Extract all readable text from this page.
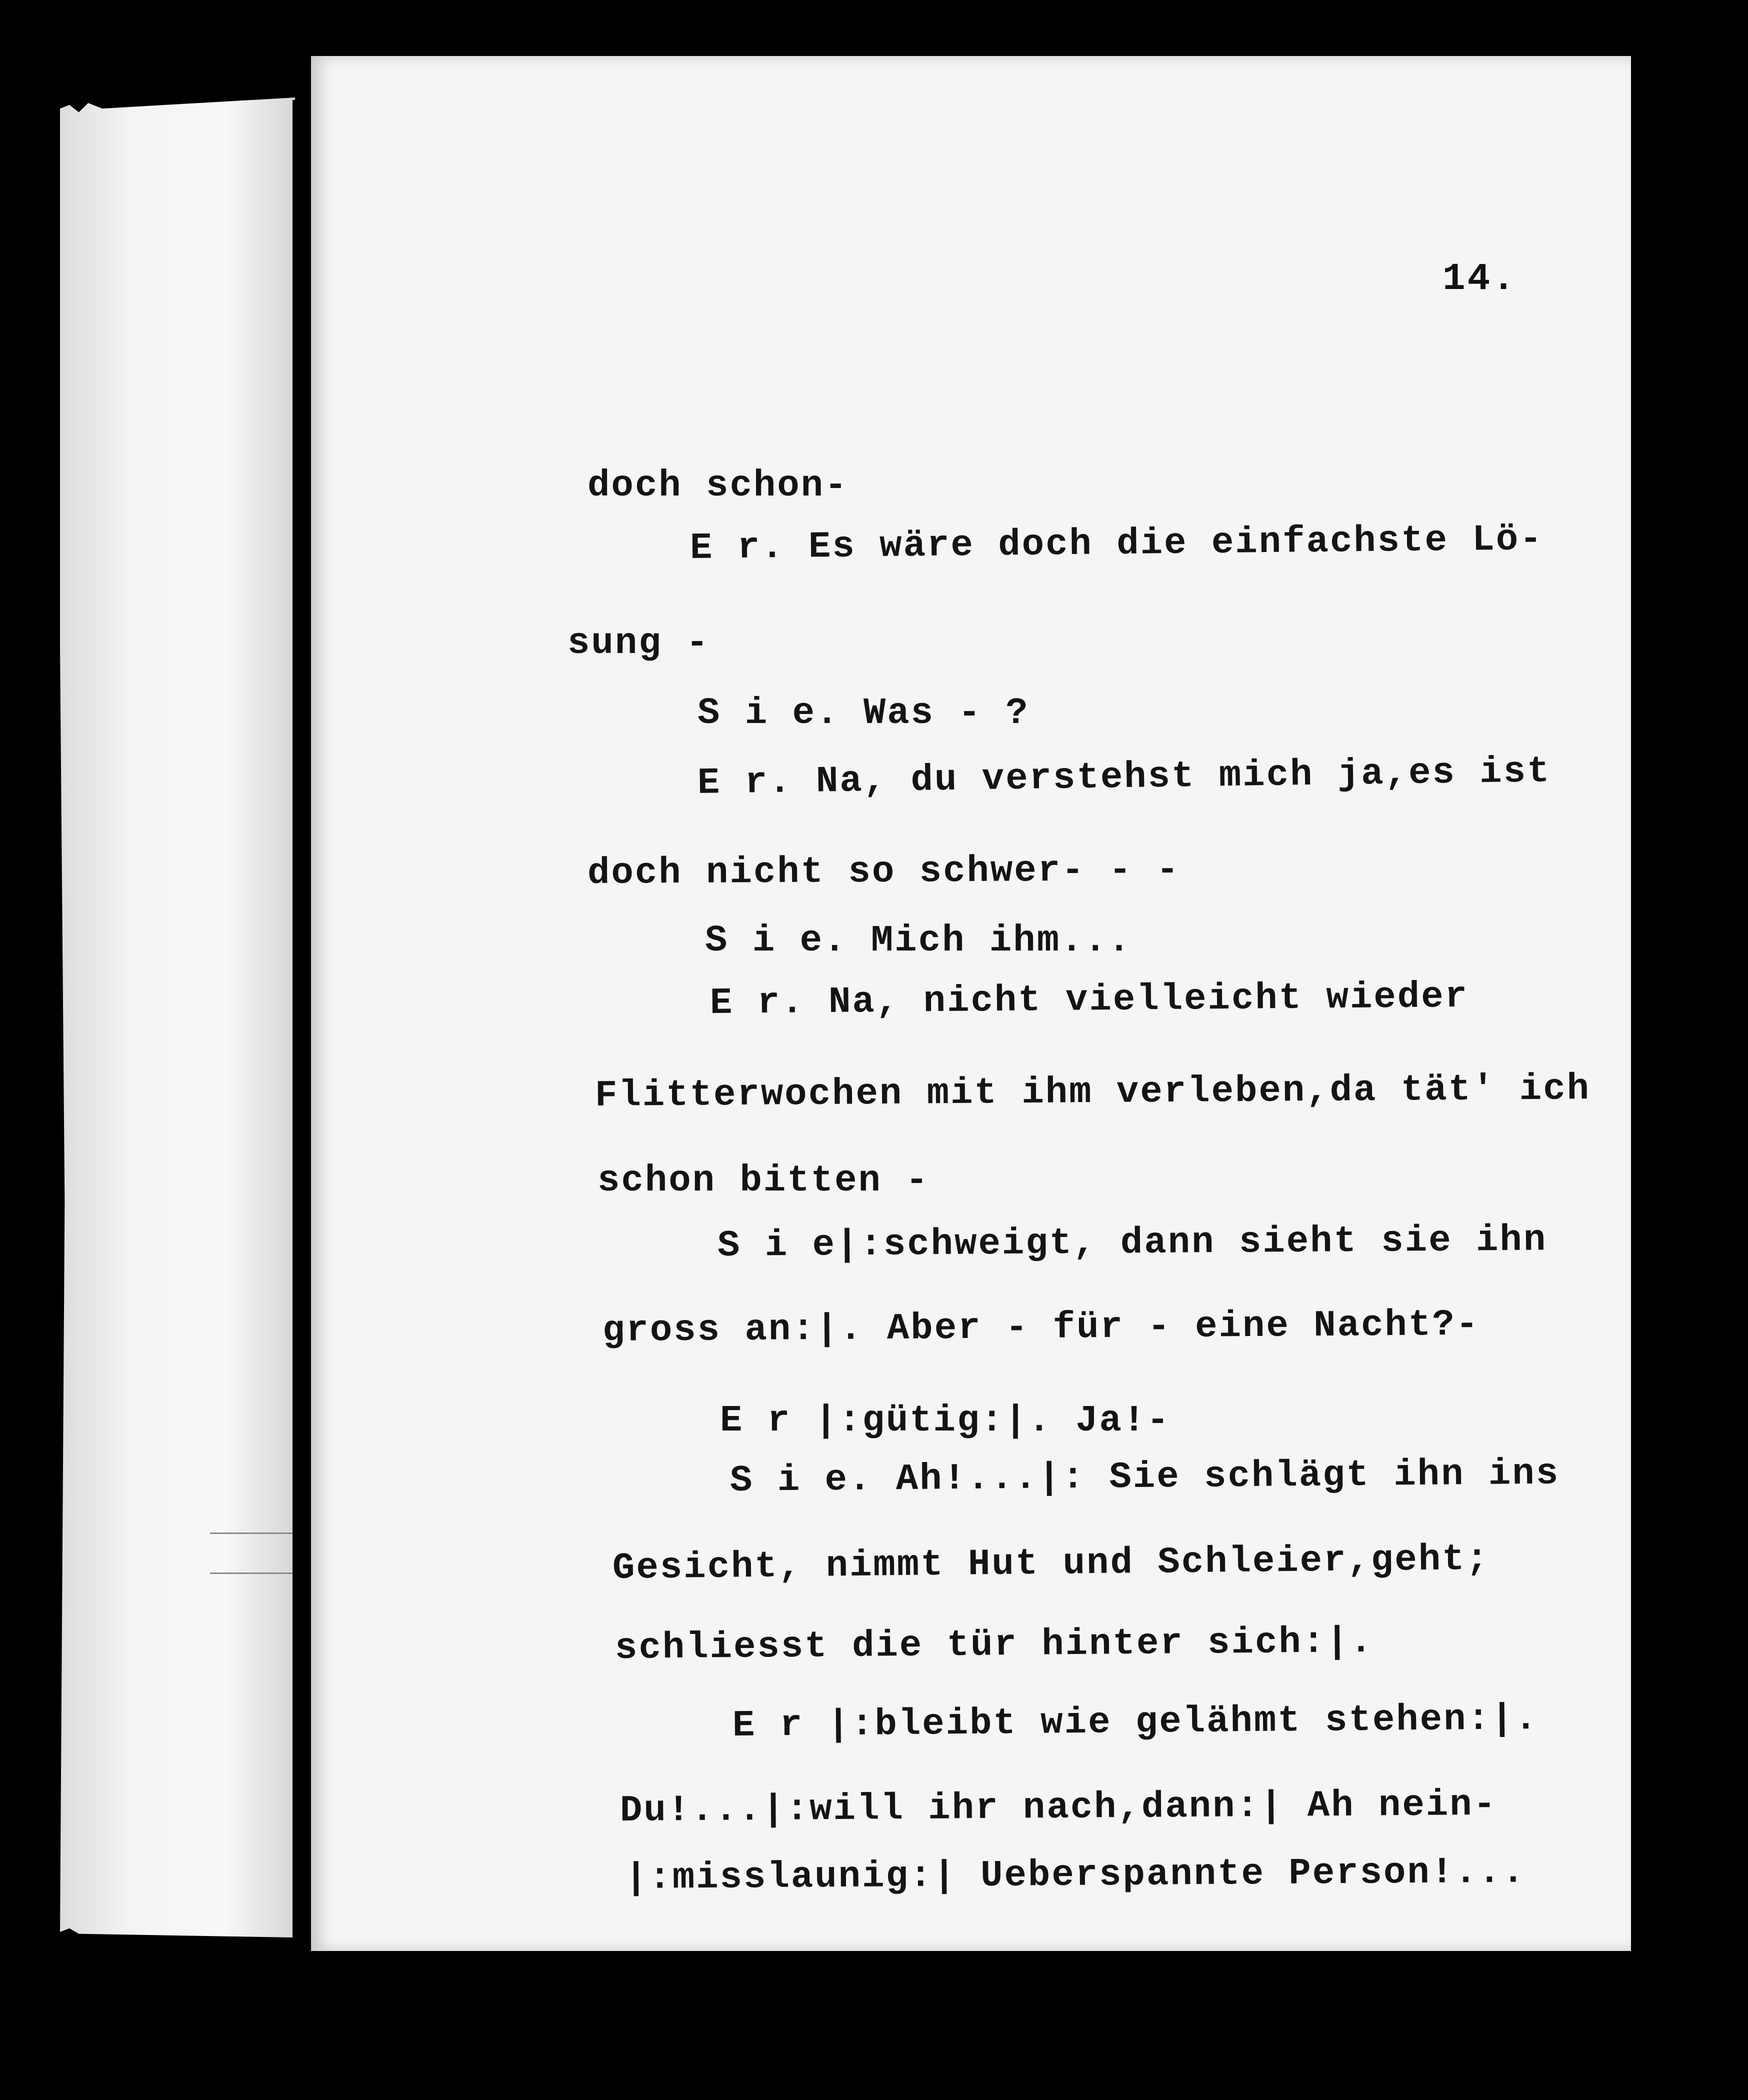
14.
doch schon-
E r. Es wäre doch die einfachste Lö-
sung -
S i e. Was - ?
E r. Na, du verstehst mich ja,es ist
doch nicht so schwer- - -
S i e. Mich ihm...
E r. Na, nicht vielleicht wieder
Flitterwochen mit ihm verleben,da tät' ich
schon bitten -
S i e|:schweigt, dann sieht sie ihn
gross an:|. Aber - für - eine Nacht?-
E r |:gütig:|. Ja!-
S i e. Ah!...|: Sie schlägt ihn ins
Gesicht, nimmt Hut und Schleier,geht;
schliesst die tür hinter sich:|.
E r |:bleibt wie gelähmt stehen:|.
Du!...|:will ihr nach,dann:| Ah nein-
|:misslaunig:| Ueberspannte Person!...
